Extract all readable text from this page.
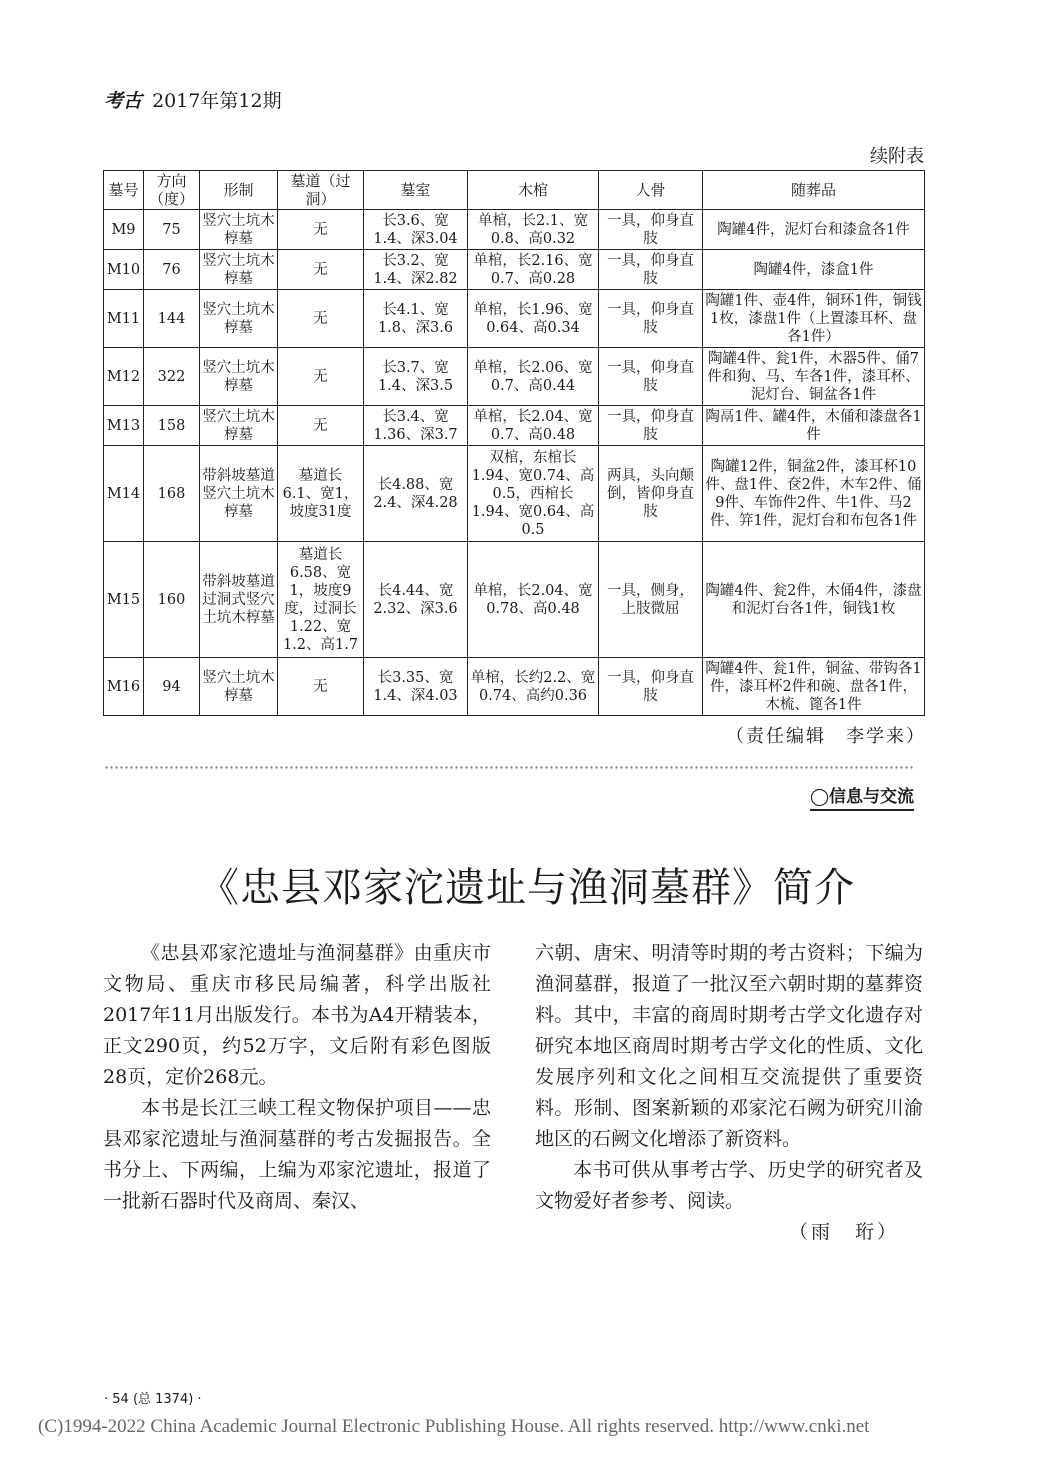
考古 2017年第12期
续附表
墓号	方向（度）	形制	墓道（过洞）	墓室	木棺	人骨	随葬品
M9	75	竖穴土坑木椁墓	无	长3.6、宽1.4、深3.04	单棺，长2.1、宽0.8、高0.32	一具，仰身直肢	陶罐4件，泥灯台和漆盒各1件
M10	76	竖穴土坑木椁墓	无	长3.2、宽1.4、深2.82	单棺，长2.16、宽0.7、高0.28	一具，仰身直肢	陶罐4件，漆盒1件
M11	144	竖穴土坑木椁墓	无	长4.1、宽1.8、深3.6	单棺，长1.96、宽0.64、高0.34	一具，仰身直肢	陶罐1件、壶4件，铜环1件，铜钱1枚，漆盘1件（上置漆耳杯、盘各1件）
M12	322	竖穴土坑木椁墓	无	长3.7、宽1.4、深3.5	单棺，长2.06、宽0.7、高0.44	一具，仰身直肢	陶罐4件、瓮1件，木器5件、俑7件和狗、马、车各1件，漆耳杯、泥灯台、铜盆各1件
M13	158	竖穴土坑木椁墓	无	长3.4、宽1.36、深3.7	单棺，长2.04、宽0.7、高0.48	一具，仰身直肢	陶鬲1件、罐4件，木俑和漆盘各1件
M14	168	带斜坡墓道竖穴土坑木椁墓	墓道长6.1、宽1，坡度31度	长4.88、宽2.4、深4.28	双棺，东棺长1.94、宽0.74、高0.5，西棺长1.94、宽0.64、高0.5	两具，头向颠倒，皆仰身直肢	陶罐12件，铜盆2件，漆耳杯10件、盘1件、奁2件，木车2件、俑9件、车饰件2件、牛1件、马2件、笄1件，泥灯台和布包各1件
M15	160	带斜坡墓道过洞式竖穴土坑木椁墓	墓道长6.58、宽1，坡度9度，过洞长1.22、宽1.2、高1.7	长4.44、宽2.32、深3.6	单棺，长2.04、宽0.78、高0.48	一具，侧身，上肢微屈	陶罐4件、瓮2件，木俑4件，漆盘和泥灯台各1件，铜钱1枚
M16	94	竖穴土坑木椁墓	无	长3.35、宽1.4、深4.03	单棺，长约2.2、宽0.74、高约0.36	一具，仰身直肢	陶罐4件、瓮1件，铜盆、带钩各1件，漆耳杯2件和碗、盘各1件，木梳、篦各1件
（责任编辑　李学来）
◯信息与交流
《忠县邓家沱遗址与渔洞墓群》简介

《忠县邓家沱遗址与渔洞墓群》由重庆市文物局、重庆市移民局编著，科学出版社2017年11月出版发行。本书为A4开精装本，正文290页，约52万字，文后附有彩色图版28页，定价268元。

本书是长江三峡工程文物保护项目——忠县邓家沱遗址与渔洞墓群的考古发掘报告。全书分上、下两编，上编为邓家沱遗址，报道了一批新石器时代及商周、秦汉、

六朝、唐宋、明清等时期的考古资料；下编为渔洞墓群，报道了一批汉至六朝时期的墓葬资料。其中，丰富的商周时期考古学文化遗存对研究本地区商周时期考古学文化的性质、文化发展序列和文化之间相互交流提供了重要资料。形制、图案新颖的邓家沱石阙为研究川渝地区的石阙文化增添了新资料。

本书可供从事考古学、历史学的研究者及文物爱好者参考、阅读。

（雨　珩）

· 54 (总 1374) ·
(C)1994-2022 China Academic Journal Electronic Publishing House. All rights reserved. http://www.cnki.net
